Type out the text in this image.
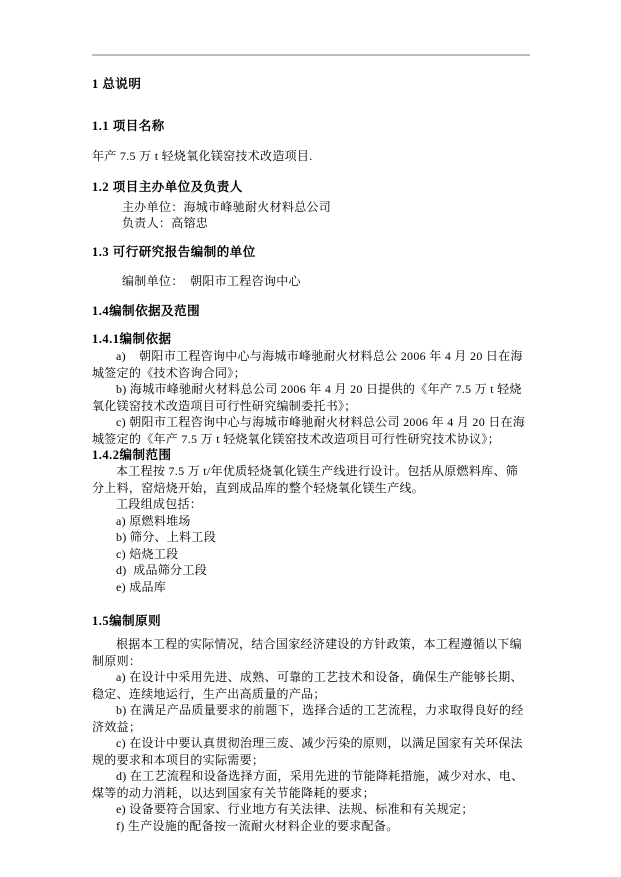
1 总说明
1.1 项目名称
年产 7.5 万 t 轻烧氧化镁窑技术改造项目.
1.2 项目主办单位及负责人
主办单位：海城市峰驰耐火材料总公司
负责人：高镕忠
1.3 可行研究报告编制的单位
编制单位：  朝阳市工程咨询中心
1.4编制依据及范围
1.4.1编制依据
a)    朝阳市工程咨询中心与海城市峰驰耐火材料总公 2006 年 4 月 20 日在海城签定的《技术咨询合同》；
b) 海城市峰驰耐火材料总公司 2006 年 4 月 20 日提供的《年产 7.5 万 t 轻烧氧化镁窑技术改造项目可行性研究编制委托书》；
c) 朝阳市工程咨询中心与海城市峰驰耐火材料总公司 2006 年 4 月 20 日在海城签定的《年产 7.5 万 t 轻烧氧化镁窑技术改造项目可行性研究技术协议》；
1.4.2编制范围
本工程按 7.5 万 t/年优质轻烧氧化镁生产线进行设计。包括从原燃料库、筛分上料，窑焙烧开始，直到成品库的整个轻烧氧化镁生产线。
工段组成包括：
a) 原燃料堆场
b) 筛分、上料工段
c) 焙烧工段
d)  成品筛分工段
e) 成品库
1.5编制原则
根据本工程的实际情况，结合国家经济建设的方针政策，本工程遵循以下编制原则：
a) 在设计中采用先进、成熟、可靠的工艺技术和设备，确保生产能够长期、稳定、连续地运行，生产出高质量的产品；
b) 在满足产品质量要求的前题下，选择合适的工艺流程，力求取得良好的经济效益；
c) 在设计中要认真贯彻治理三废、减少污染的原则，以满足国家有关环保法规的要求和本项目的实际需要；
d) 在工艺流程和设备选择方面，采用先进的节能降耗措施，减少对水、电、煤等的动力消耗，以达到国家有关节能降耗的要求；
e) 设备要符合国家、行业地方有关法律、法规、标准和有关规定；
f) 生产设施的配备按一流耐火材料企业的要求配备。
